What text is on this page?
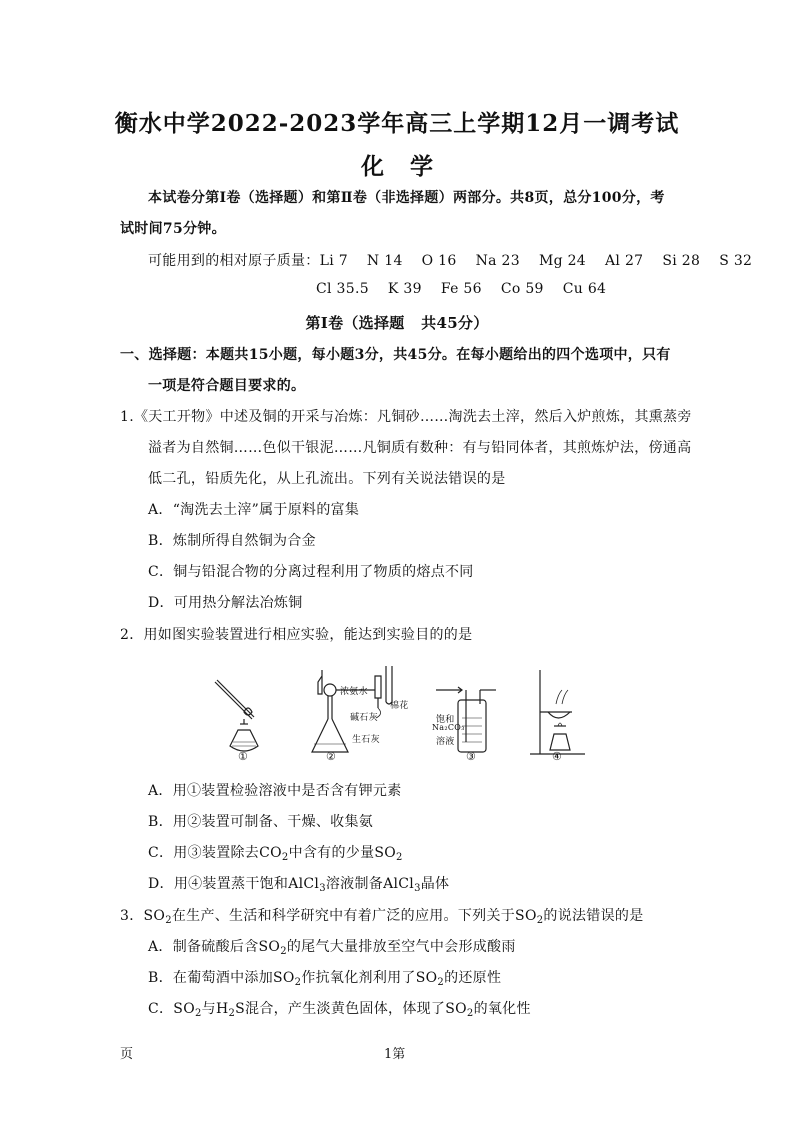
衡水中学2022-2023学年高三上学期12月一调考试
化学
本试卷分第Ⅰ卷（选择题）和第Ⅱ卷（非选择题）两部分。共8页，总分100分，考
试时间75分钟。
可能用到的相对原子质量：Li 7    N 14    O 16    Na 23    Mg 24    Al 27    Si 28    S 32
Cl 35.5    K 39    Fe 56    Co 59    Cu 64
第Ⅰ卷（选择题   共45分）
一、选择题：本题共15小题，每小题3分，共45分。在每小题给出的四个选项中，只有
一项是符合题目要求的。
1.《天工开物》中述及铜的开采与冶炼：凡铜砂……淘洗去土滓，然后入炉煎炼，其熏蒸旁
溢者为自然铜……色似干银泥……凡铜质有数种：有与铅同体者，其煎炼炉法，傍通高
低二孔，铅质先化，从上孔流出。下列有关说法错误的是
A．“淘洗去土滓”属于原料的富集
B．炼制所得自然铜为合金
C．铜与铅混合物的分离过程利用了物质的熔点不同
D．可用热分解法冶炼铜
2．用如图实验装置进行相应实验，能达到实验目的的是
浓氨水
棉花
碱石灰
生石灰
饱和
Na₂CO₃
溶液
①	②	③	④
A．用①装置检验溶液中是否含有钾元素
B．用②装置可制备、干燥、收集氨
C．用③装置除去$CO_2$中含有的少量$SO_2$
D．用④装置蒸干饱和AlCl$_3$溶液制备AlCl$_3$晶体
3．$SO_2$在生产、生活和科学研究中有着广泛的应用。下列关于$SO_2$的说法错误的是
A．制备硫酸后含$SO_2$的尾气大量排放至空气中会形成酸雨
B．在葡萄酒中添加$SO_2$作抗氧化剂利用了$SO_2$的还原性
C．$SO_2$与$H_2S$混合，产生淡黄色固体，体现了$SO_2$的氧化性
页	1第
